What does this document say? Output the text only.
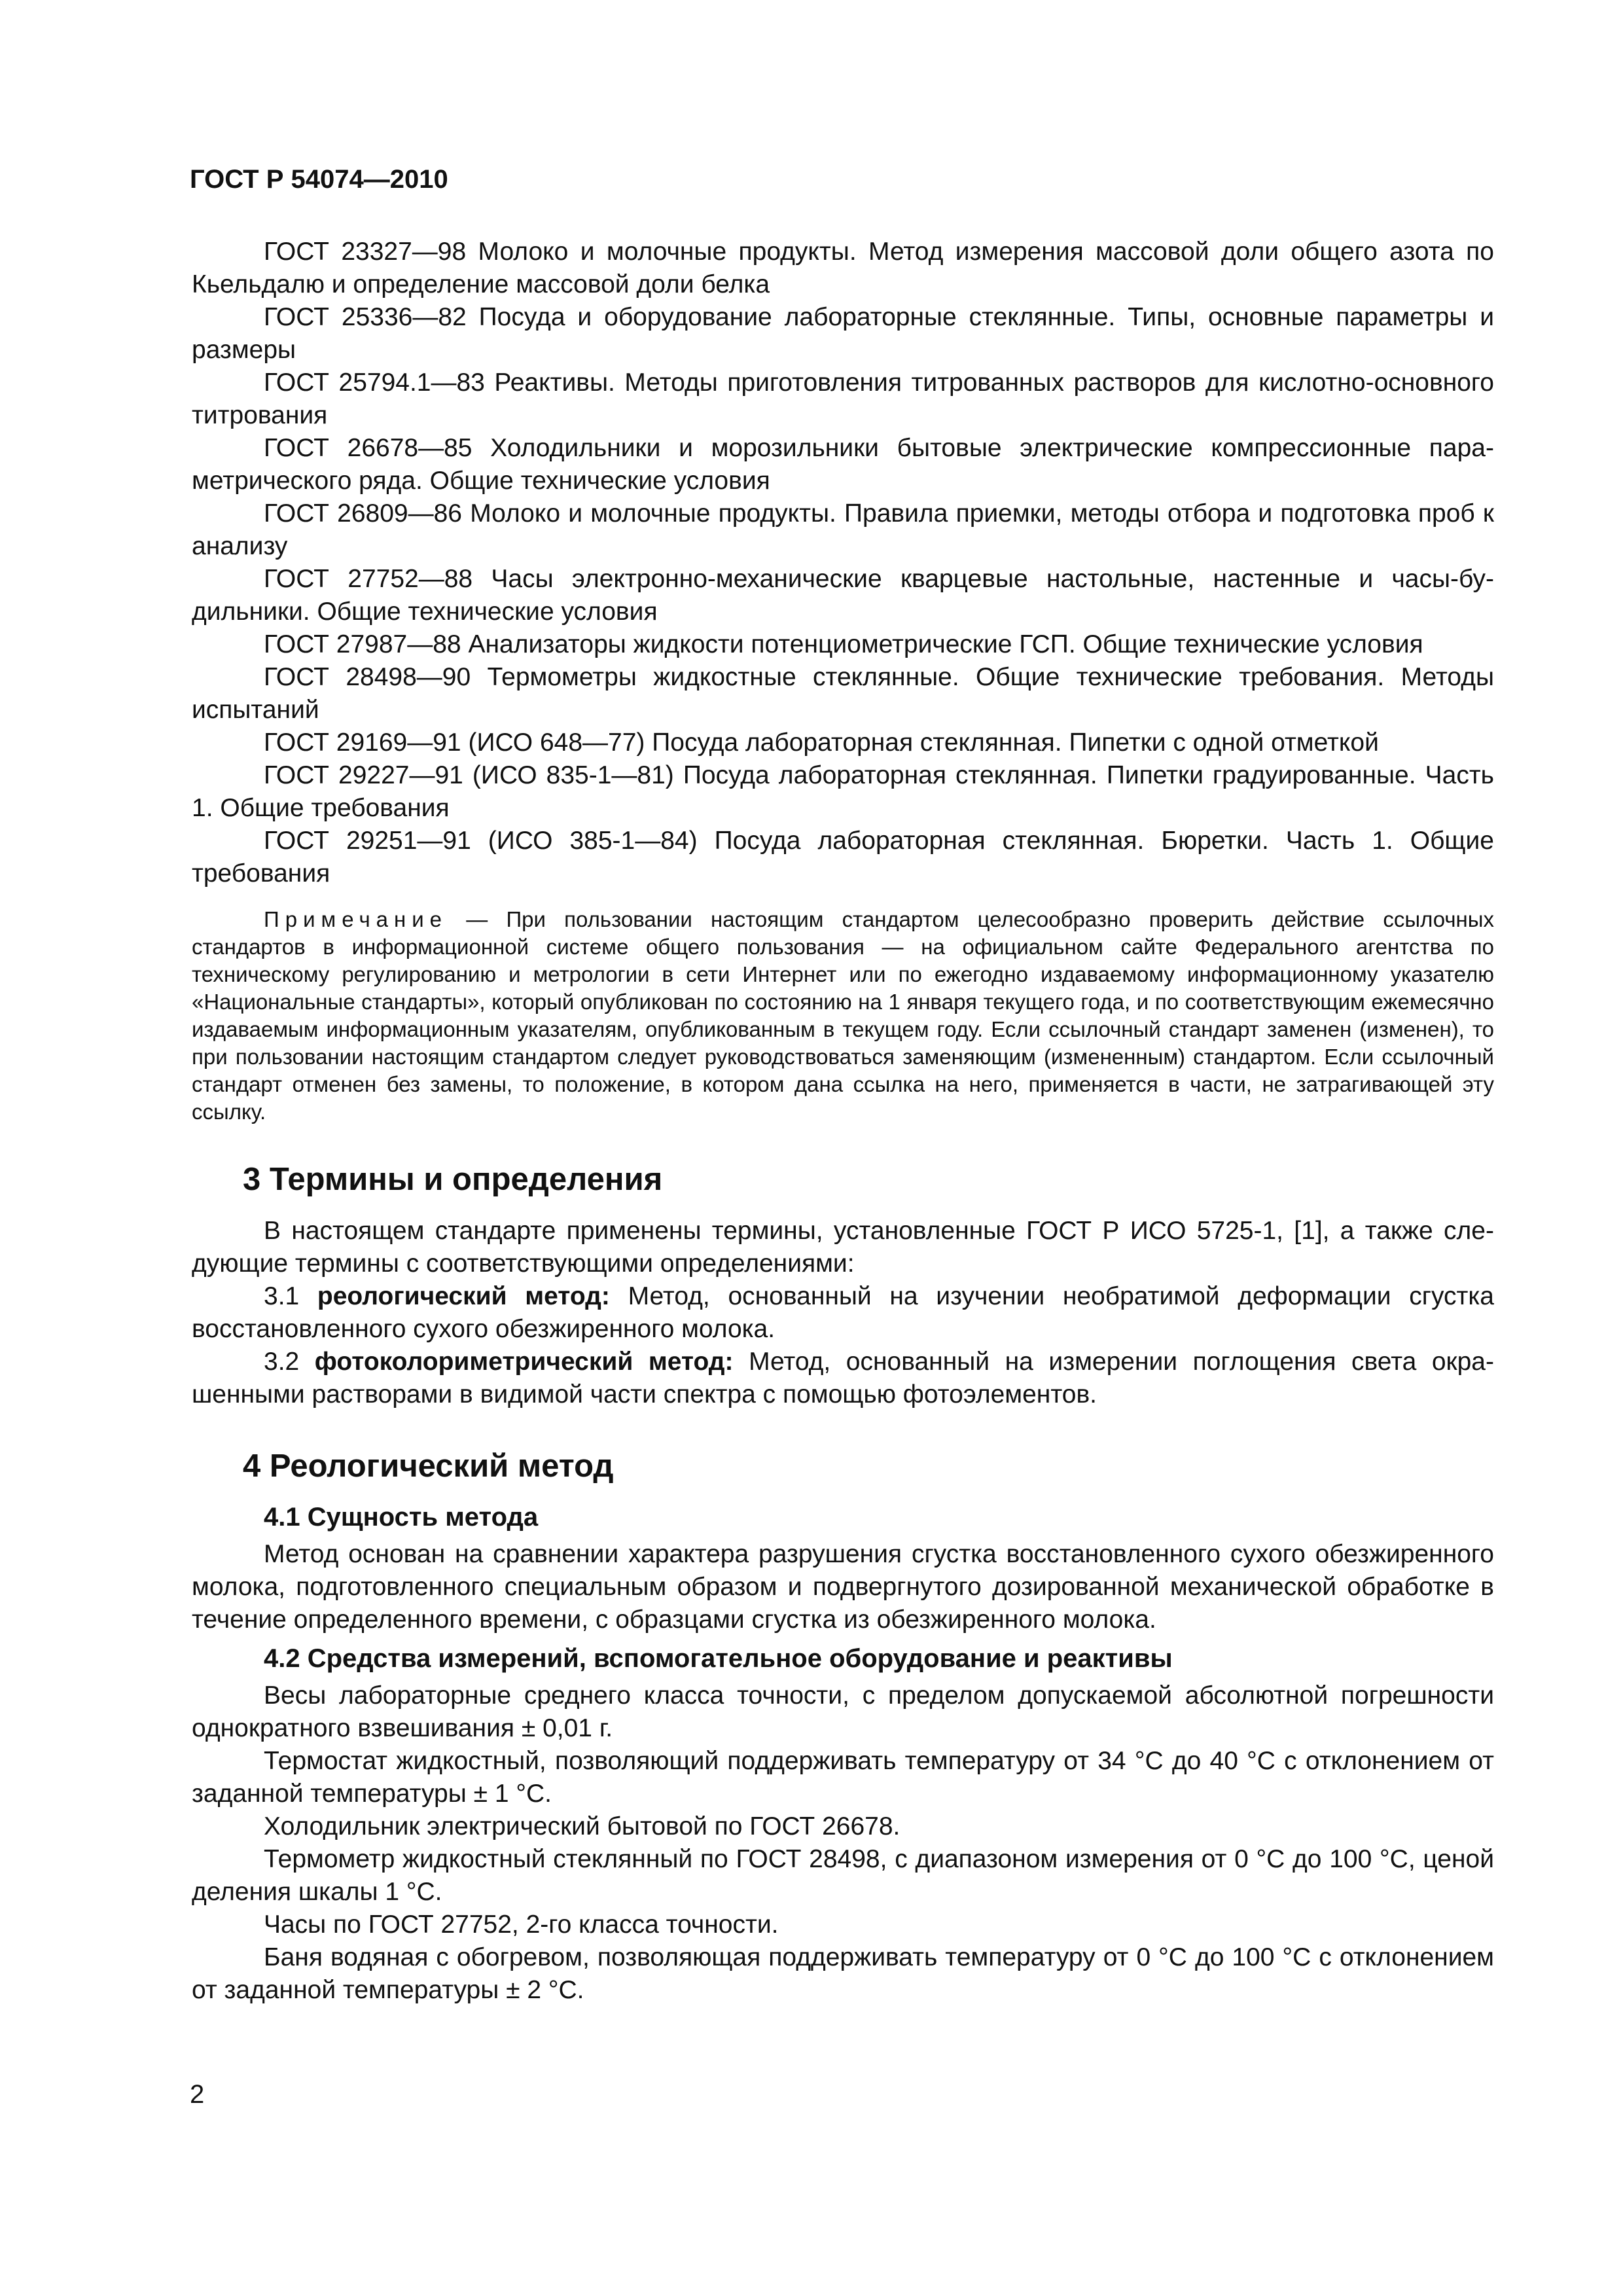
ГОСТ Р 54074—2010

ГОСТ 23327—98 Молоко и молочные продукты. Метод измерения массовой доли общего азота по Кьельдалю и определение массовой доли белка

ГОСТ 25336—82 Посуда и оборудование лабораторные стеклянные. Типы, основные параметры и размеры

ГОСТ 25794.1—83 Реактивы. Методы приготовления титрованных растворов для кислотно-основного титрования

ГОСТ 26678—85 Холодильники и морозильники бытовые электрические компрессионные параметрического ряда. Общие технические условия

ГОСТ 26809—86 Молоко и молочные продукты. Правила приемки, методы отбора и подготовка проб к анализу

ГОСТ 27752—88 Часы электронно-механические кварцевые настольные, настенные и часы-будильники. Общие технические условия

ГОСТ 27987—88 Анализаторы жидкости потенциометрические ГСП. Общие технические условия

ГОСТ 28498—90 Термометры жидкостные стеклянные. Общие технические требования. Методы испытаний

ГОСТ 29169—91 (ИСО 648—77) Посуда лабораторная стеклянная. Пипетки с одной отметкой

ГОСТ 29227—91 (ИСО 835-1—81) Посуда лабораторная стеклянная. Пипетки градуированные. Часть 1. Общие требования

ГОСТ 29251—91 (ИСО 385-1—84) Посуда лабораторная стеклянная. Бюретки. Часть 1. Общие требования

Примечание — При пользовании настоящим стандартом целесообразно проверить действие ссылочных стандартов в информационной системе общего пользования — на официальном сайте Федерального агентства по техническому регулированию и метрологии в сети Интернет или по ежегодно издаваемому информационному указателю «Национальные стандарты», который опубликован по состоянию на 1 января текущего года, и по соответствующим ежемесячно издаваемым информационным указателям, опубликованным в текущем году. Если ссылочный стандарт заменен (изменен), то при пользовании настоящим стандартом следует руководствоваться заменяющим (измененным) стандартом. Если ссылочный стандарт отменен без замены, то положение, в котором дана ссылка на него, применяется в части, не затрагивающей эту ссылку.

3 Термины и определения

В настоящем стандарте применены термины, установленные ГОСТ Р ИСО 5725-1, [1], а также следующие термины с соответствующими определениями:

3.1 реологический метод: Метод, основанный на изучении необратимой деформации сгустка восстановленного сухого обезжиренного молока.

3.2 фотоколориметрический метод: Метод, основанный на измерении поглощения света окрашенными растворами в видимой части спектра с помощью фотоэлементов.

4 Реологический метод
4.1 Сущность метода

Метод основан на сравнении характера разрушения сгустка восстановленного сухого обезжиренного молока, подготовленного специальным образом и подвергнутого дозированной механической обработке в течение определенного времени, с образцами сгустка из обезжиренного молока.

4.2 Средства измерений, вспомогательное оборудование и реактивы

Весы лабораторные среднего класса точности, с пределом допускаемой абсолютной погрешности однократного взвешивания ± 0,01 г.

Термостат жидкостный, позволяющий поддерживать температуру от 34 °С до 40 °С с отклонением от заданной температуры ± 1 °С.

Холодильник электрический бытовой по ГОСТ 26678.

Термометр жидкостный стеклянный по ГОСТ 28498, с диапазоном измерения от 0 °С до 100 °С, ценой деления шкалы 1 °С.

Часы по ГОСТ 27752, 2-го класса точности.

Баня водяная с обогревом, позволяющая поддерживать температуру от 0 °С до 100 °С с отклонением от заданной температуры ± 2 °С.

2
